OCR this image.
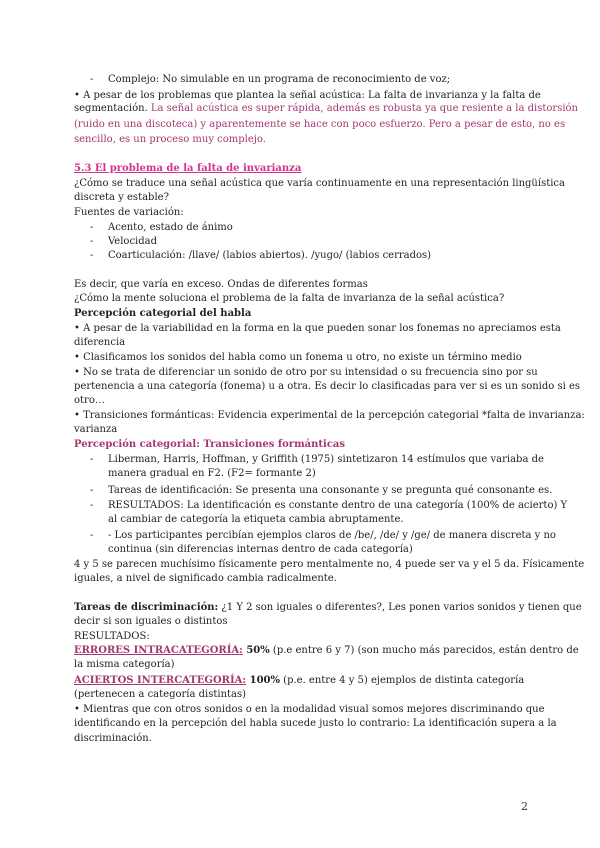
- Complejo: No simulable en un programa de reconocimiento de voz;
• A pesar de los problemas que plantea la señal acústica: La falta de invarianza y la falta de
segmentación. La señal acústica es super rápida, además es robusta ya que resiente a la distorsión
(ruido en una discoteca) y aparentemente se hace con poco esfuerzo. Pero a pesar de esto, no es
sencillo, es un proceso muy complejo.
5.3 El problema de la falta de invarianza
¿Cómo se traduce una señal acústica que varía continuamente en una representación lingüística
discreta y estable?
Fuentes de variación:
- Acento, estado de ánimo
- Velocidad
- Coarticulación: /llave/ (labios abiertos). /yugo/ (labios cerrados)
Es decir, que varía en exceso. Ondas de diferentes formas
¿Cómo la mente soluciona el problema de la falta de invarianza de la señal acústica?
Percepción categorial del habla
• A pesar de la variabilidad en la forma en la que pueden sonar los fonemas no apreciamos esta
diferencia
• Clasificamos los sonidos del habla como un fonema u otro, no existe un término medio
• No se trata de diferenciar un sonido de otro por su intensidad o su frecuencia sino por su
pertenencia a una categoría (fonema) u a otra. Es decir lo clasificadas para ver si es un sonido si es
otro…
• Transiciones formánticas: Evidencia experimental de la percepción categorial *falta de invarianza:
varianza
Percepción categorial: Transiciones formánticas
- Liberman, Harris, Hoffman, y Griffith (1975) sintetizaron 14 estímulos que variaba de
manera gradual en F2. (F2= formante 2)
- Tareas de identificación: Se presenta una consonante y se pregunta qué consonante es.
- RESULTADOS: La identificación es constante dentro de una categoría (100% de acierto) Y
al cambiar de categoría la etiqueta cambia abruptamente.
- - Los participantes percibían ejemplos claros de /be/, /de/ y /ge/ de manera discreta y no
continua (sin diferencias internas dentro de cada categoría)
4 y 5 se parecen muchísimo físicamente pero mentalmente no, 4 puede ser va y el 5 da. Físicamente
iguales, a nivel de significado cambia radicalmente.
Tareas de discriminación: ¿1 Y 2 son iguales o diferentes?, Les ponen varios sonidos y tienen que
decir si son iguales o distintos
RESULTADOS:
ERRORES INTRACATEGORÍA: 50% (p.e entre 6 y 7) (son mucho más parecidos, están dentro de
la misma categoría)
ACIERTOS INTERCATEGORÍA: 100% (p.e. entre 4 y 5) ejemplos de distinta categoría
(pertenecen a categoría distintas)
• Mientras que con otros sonidos o en la modalidad visual somos mejores discriminando que
identificando en la percepción del habla sucede justo lo contrario: La identificación supera a la
discriminación.
2
